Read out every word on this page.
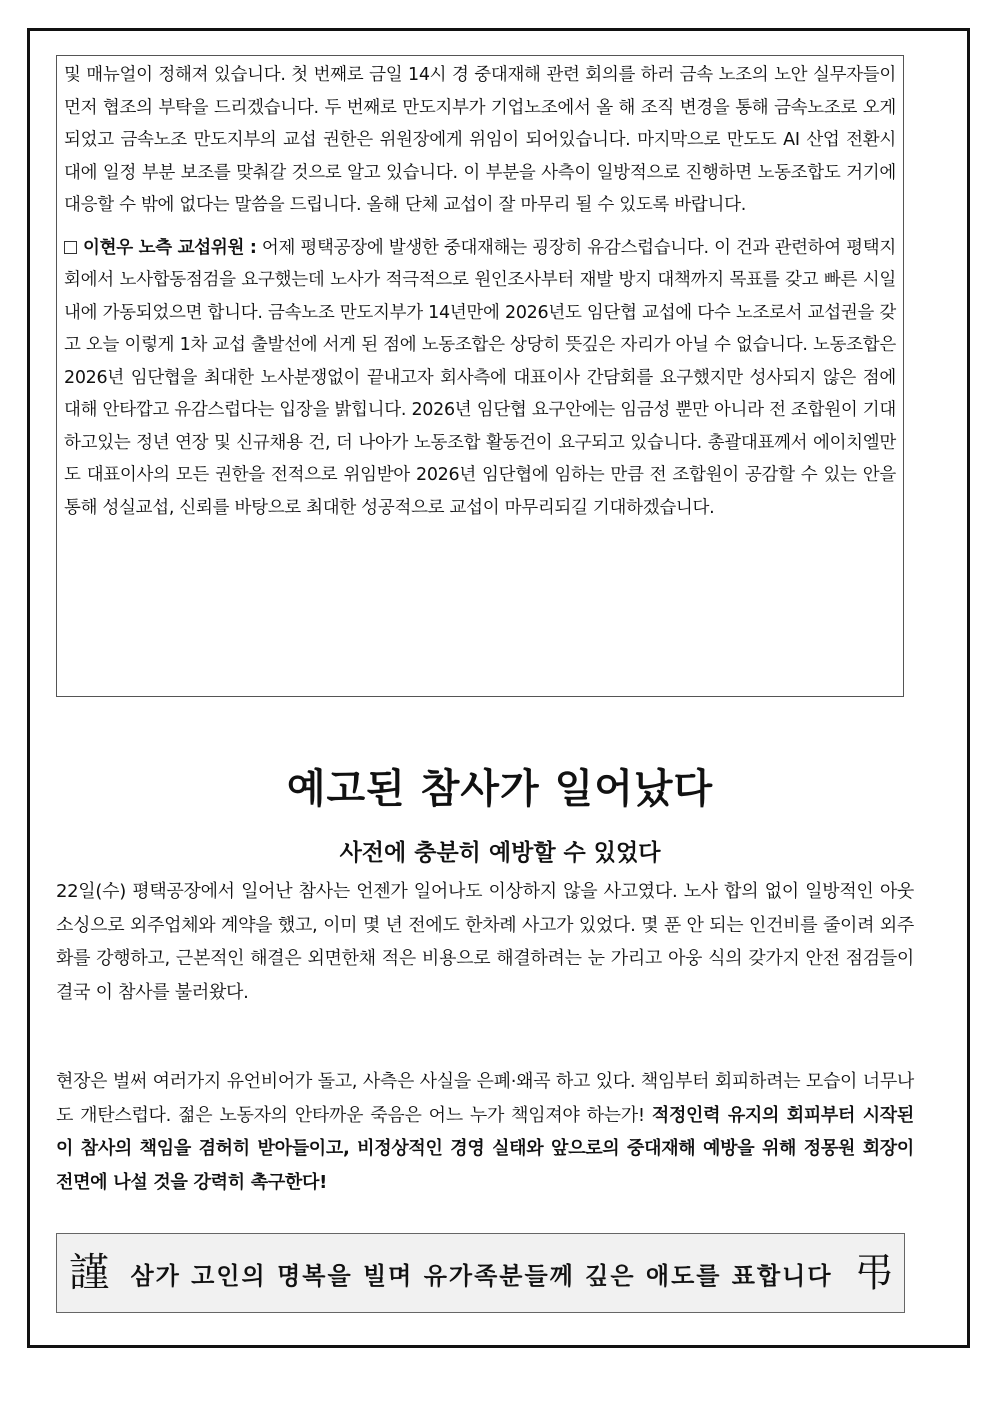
및 매뉴얼이 정해져 있습니다. 첫 번째로 금일 14시 경 중대재해 관련 회의를 하러 금속 노조의 노안 실무자들이 먼저 협조의 부탁을 드리겠습니다. 두 번째로 만도지부가 기업노조에서 올 해 조직 변경을 통해 금속노조로 오게 되었고 금속노조 만도지부의 교섭 권한은 위원장에게 위임이 되어있습니다. 마지막으로 만도도 AI 산업 전환시대에 일정 부분 보조를 맞춰갈 것으로 알고 있습니다. 이 부분을 사측이 일방적으로 진행하면 노동조합도 거기에 대응할 수 밖에 없다는 말씀을 드립니다. 올해 단체 교섭이 잘 마무리 될 수 있도록 바랍니다.

이현우 노측 교섭위원 : 어제 평택공장에 발생한 중대재해는 굉장히 유감스럽습니다. 이 건과 관련하여 평택지회에서 노사합동점검을 요구했는데 노사가 적극적으로 원인조사부터 재발 방지 대책까지 목표를 갖고 빠른 시일 내에 가동되었으면 합니다. 금속노조 만도지부가 14년만에 2026년도 임단협 교섭에 다수 노조로서 교섭권을 갖고 오늘 이렇게 1차 교섭 출발선에 서게 된 점에 노동조합은 상당히 뜻깊은 자리가 아닐 수 없습니다. 노동조합은 2026년 임단협을 최대한 노사분쟁없이 끝내고자 회사측에 대표이사 간담회를 요구했지만 성사되지 않은 점에 대해 안타깝고 유감스럽다는 입장을 밝힙니다. 2026년 임단협 요구안에는 임금성 뿐만 아니라 전 조합원이 기대하고있는 정년 연장 및 신규채용 건, 더 나아가 노동조합 활동건이 요구되고 있습니다. 총괄대표께서 에이치엘만도 대표이사의 모든 권한을 전적으로 위임받아 2026년 임단협에 임하는 만큼 전 조합원이 공감할 수 있는 안을 통해 성실교섭, 신뢰를 바탕으로 최대한 성공적으로 교섭이 마무리되길 기대하겠습니다.

예고된 참사가 일어났다
사전에 충분히 예방할 수 있었다

22일(수) 평택공장에서 일어난 참사는 언젠가 일어나도 이상하지 않을 사고였다. 노사 합의 없이 일방적인 아웃소싱으로 외주업체와 계약을 했고, 이미 몇 년 전에도 한차례 사고가 있었다. 몇 푼 안 되는 인건비를 줄이려 외주화를 강행하고, 근본적인 해결은 외면한채 적은 비용으로 해결하려는 눈 가리고 아웅 식의 갖가지 안전 점검들이 결국 이 참사를 불러왔다.

현장은 벌써 여러가지 유언비어가 돌고, 사측은 사실을 은폐·왜곡 하고 있다. 책임부터 회피하려는 모습이 너무나도 개탄스럽다. 젊은 노동자의 안타까운 죽음은 어느 누가 책임져야 하는가! 적정인력 유지의 회피부터 시작된 이 참사의 책임을 겸허히 받아들이고, 비정상적인 경영 실태와 앞으로의 중대재해 예방을 위해 정몽원 회장이 전면에 나설 것을 강력히 촉구한다!

謹 삼가 고인의 명복을 빌며 유가족분들께 깊은 애도를 표합니다 弔
